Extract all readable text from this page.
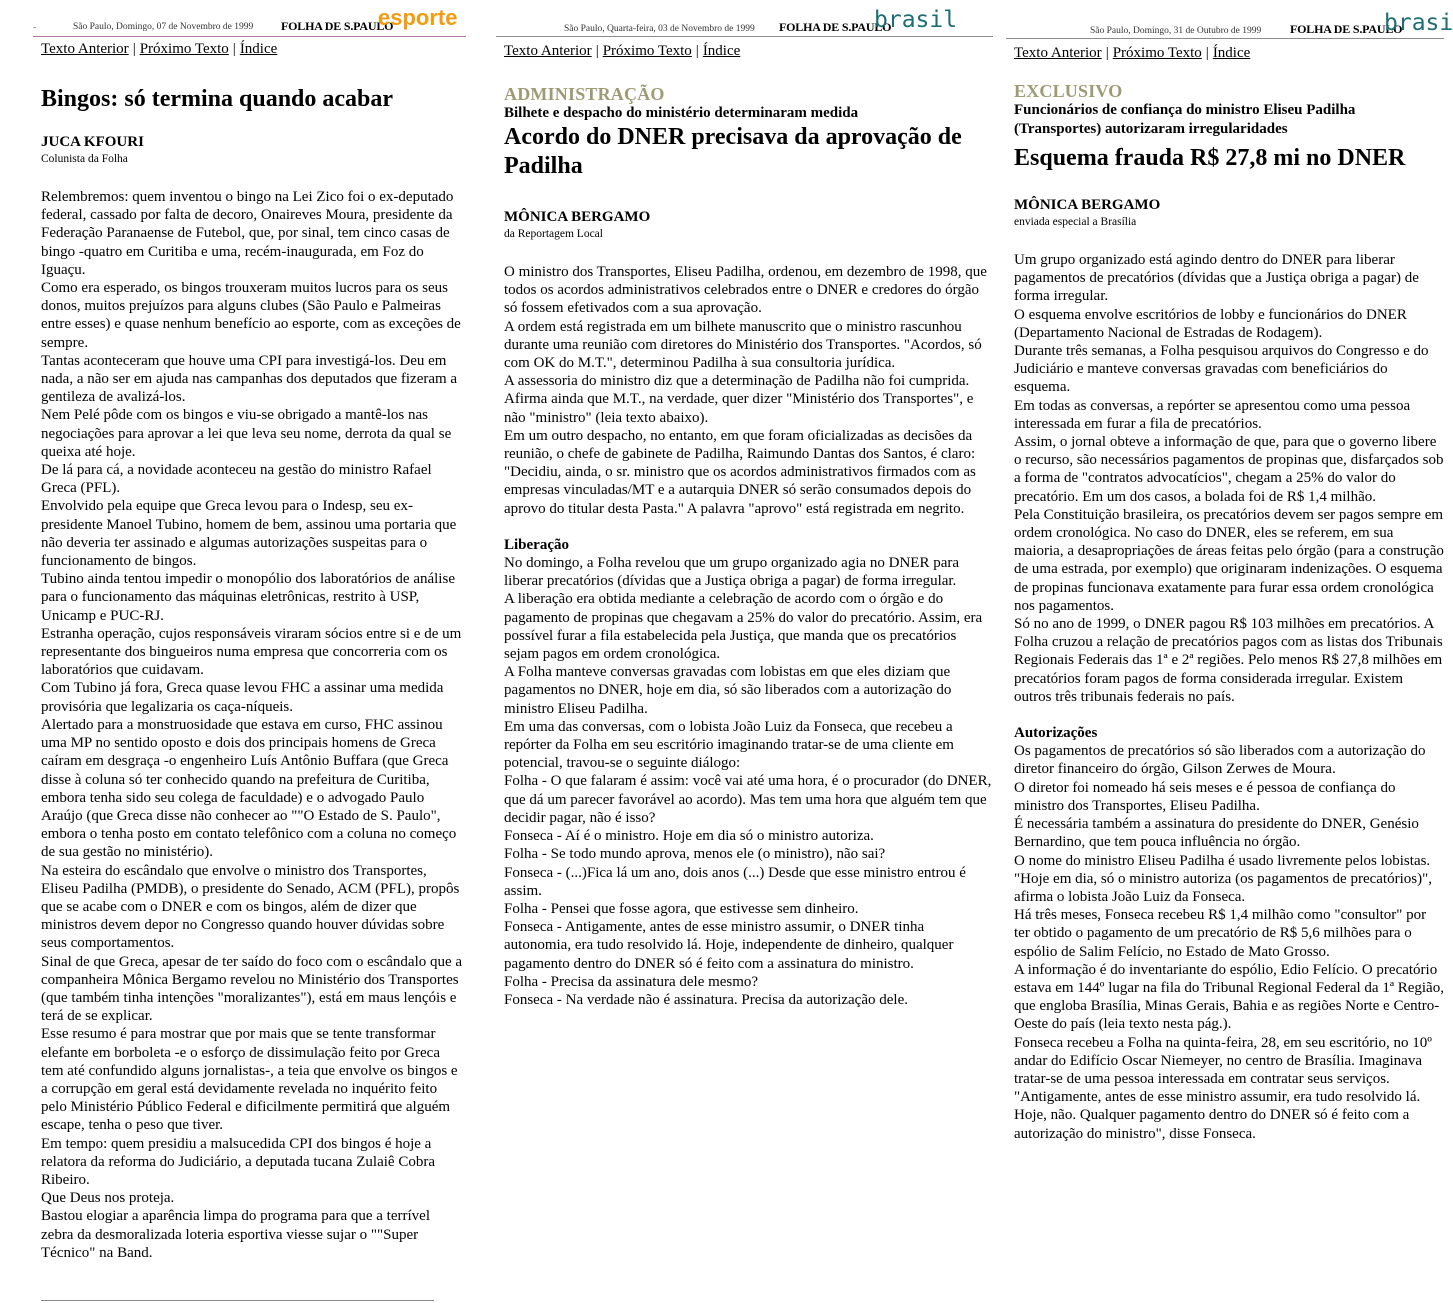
-	São Paulo, Domingo, 07 de Novembro de 1999 FOLHA DE S.PAULO
esporte
Texto Anterior | Próximo Texto | Índice
Bingos: só termina quando acabar
JUCA KFOURI
Colunista da Folha

Relembremos: quem inventou o bingo na Lei Zico foi o ex-deputado federal, cassado por falta de decoro, Onaireves Moura, presidente da Federação Paranaense de Futebol, que, por sinal, tem cinco casas de bingo -quatro em Curitiba e uma, recém-inaugurada, em Foz do Iguaçu.

Como era esperado, os bingos trouxeram muitos lucros para os seus donos, muitos prejuízos para alguns clubes (São Paulo e Palmeiras entre esses) e quase nenhum benefício ao esporte, com as exceções de sempre.

Tantas aconteceram que houve uma CPI para investigá-los. Deu em nada, a não ser em ajuda nas campanhas dos deputados que fizeram a gentileza de avalizá-los.

Nem Pelé pôde com os bingos e viu-se obrigado a mantê-los nas negociações para aprovar a lei que leva seu nome, derrota da qual se queixa até hoje.

De lá para cá, a novidade aconteceu na gestão do ministro Rafael Greca (PFL).

Envolvido pela equipe que Greca levou para o Indesp, seu ex-presidente Manoel Tubino, homem de bem, assinou uma portaria que não deveria ter assinado e algumas autorizações suspeitas para o funcionamento de bingos.

Tubino ainda tentou impedir o monopólio dos laboratórios de análise para o funcionamento das máquinas eletrônicas, restrito à USP, Unicamp e PUC-RJ.

Estranha operação, cujos responsáveis viraram sócios entre si e de um representante dos bingueiros numa empresa que concorreria com os laboratórios que cuidavam.

Com Tubino já fora, Greca quase levou FHC a assinar uma medida provisória que legalizaria os caça-níqueis.

Alertado para a monstruosidade que estava em curso, FHC assinou uma MP no sentido oposto e dois dos principais homens de Greca caíram em desgraça -o engenheiro Luís Antônio Buffara (que Greca disse à coluna só ter conhecido quando na prefeitura de Curitiba, embora tenha sido seu colega de faculdade) e o advogado Paulo Araújo (que Greca disse não conhecer ao ""O Estado de S. Paulo", embora o tenha posto em contato telefônico com a coluna no começo de sua gestão no ministério).

Na esteira do escândalo que envolve o ministro dos Transportes, Eliseu Padilha (PMDB), o presidente do Senado, ACM (PFL), propôs que se acabe com o DNER e com os bingos, além de dizer que ministros devem depor no Congresso quando houver dúvidas sobre seus comportamentos.

Sinal de que Greca, apesar de ter saído do foco com o escândalo que a companheira Mônica Bergamo revelou no Ministério dos Transportes (que também tinha intenções "moralizantes"), está em maus lençóis e terá de se explicar.

Esse resumo é para mostrar que por mais que se tente transformar elefante em borboleta -e o esforço de dissimulação feito por Greca tem até confundido alguns jornalistas-, a teia que envolve os bingos e a corrupção em geral está devidamente revelada no inquérito feito pelo Ministério Público Federal e dificilmente permitirá que alguém escape, tenha o peso que tiver.

Em tempo: quem presidiu a malsucedida CPI dos bingos é hoje a relatora da reforma do Judiciário, a deputada tucana Zulaiê Cobra Ribeiro.

Que Deus nos proteja.

Bastou elogiar a aparência limpa do programa para que a terrível zebra da desmoralizada loteria esportiva viesse sujar o ""Super Técnico" na Band.

São Paulo, Quarta-feira, 03 de Novembro de 1999 FOLHA DE S.PAULO
brasil
Texto Anterior | Próximo Texto | Índice
ADMINISTRAÇÃO
Bilhete e despacho do ministério determinaram medida
Acordo do DNER precisava da aprovação de Padilha
MÔNICA BERGAMO
da Reportagem Local

O ministro dos Transportes, Eliseu Padilha, ordenou, em dezembro de 1998, que todos os acordos administrativos celebrados entre o DNER e credores do órgão só fossem efetivados com a sua aprovação.

A ordem está registrada em um bilhete manuscrito que o ministro rascunhou durante uma reunião com diretores do Ministério dos Transportes. "Acordos, só com OK do M.T.", determinou Padilha à sua consultoria jurídica.

A assessoria do ministro diz que a determinação de Padilha não foi cumprida. Afirma ainda que M.T., na verdade, quer dizer "Ministério dos Transportes", e não "ministro" (leia texto abaixo).

Em um outro despacho, no entanto, em que foram oficializadas as decisões da reunião, o chefe de gabinete de Padilha, Raimundo Dantas dos Santos, é claro:

"Decidiu, ainda, o sr. ministro que os acordos administrativos firmados com as empresas vinculadas/MT e a autarquia DNER só serão consumados depois do aprovo do titular desta Pasta." A palavra "aprovo" está registrada em negrito.

Liberação

No domingo, a Folha revelou que um grupo organizado agia no DNER para liberar precatórios (dívidas que a Justiça obriga a pagar) de forma irregular.

A liberação era obtida mediante a celebração de acordo com o órgão e do pagamento de propinas que chegavam a 25% do valor do precatório. Assim, era possível furar a fila estabelecida pela Justiça, que manda que os precatórios sejam pagos em ordem cronológica.

A Folha manteve conversas gravadas com lobistas em que eles diziam que pagamentos no DNER, hoje em dia, só são liberados com a autorização do ministro Eliseu Padilha.

Em uma das conversas, com o lobista João Luiz da Fonseca, que recebeu a repórter da Folha em seu escritório imaginando tratar-se de uma cliente em potencial, travou-se o seguinte diálogo:

Folha - O que falaram é assim: você vai até uma hora, é o procurador (do DNER, que dá um parecer favorável ao acordo). Mas tem uma hora que alguém tem que decidir pagar, não é isso?

Fonseca - Aí é o ministro. Hoje em dia só o ministro autoriza.

Folha - Se todo mundo aprova, menos ele (o ministro), não sai?

Fonseca - (...)Fica lá um ano, dois anos (...) Desde que esse ministro entrou é assim.

Folha - Pensei que fosse agora, que estivesse sem dinheiro.

Fonseca - Antigamente, antes de esse ministro assumir, o DNER tinha autonomia, era tudo resolvido lá. Hoje, independente de dinheiro, qualquer pagamento dentro do DNER só é feito com a assinatura do ministro.

Folha - Precisa da assinatura dele mesmo?

Fonseca - Na verdade não é assinatura. Precisa da autorização dele.

São Paulo, Domingo, 31 de Outubro de 1999 FOLHA DE S.PAULO
brasi
Texto Anterior | Próximo Texto | Índice
EXCLUSIVO
Funcionários de confiança do ministro Eliseu Padilha (Transportes) autorizaram irregularidades
Esquema frauda R$ 27,8 mi no DNER
MÔNICA BERGAMO
enviada especial a Brasília

Um grupo organizado está agindo dentro do DNER para liberar pagamentos de precatórios (dívidas que a Justiça obriga a pagar) de forma irregular.

O esquema envolve escritórios de lobby e funcionários do DNER (Departamento Nacional de Estradas de Rodagem).

Durante três semanas, a Folha pesquisou arquivos do Congresso e do Judiciário e manteve conversas gravadas com beneficiários do esquema.

Em todas as conversas, a repórter se apresentou como uma pessoa interessada em furar a fila de precatórios.

Assim, o jornal obteve a informação de que, para que o governo libere o recurso, são necessários pagamentos de propinas que, disfarçados sob a forma de "contratos advocatícios", chegam a 25% do valor do precatório. Em um dos casos, a bolada foi de R$ 1,4 milhão.

Pela Constituição brasileira, os precatórios devem ser pagos sempre em ordem cronológica. No caso do DNER, eles se referem, em sua maioria, a desapropriações de áreas feitas pelo órgão (para a construção de uma estrada, por exemplo) que originaram indenizações. O esquema de propinas funcionava exatamente para furar essa ordem cronológica nos pagamentos.

Só no ano de 1999, o DNER pagou R$ 103 milhões em precatórios. A Folha cruzou a relação de precatórios pagos com as listas dos Tribunais Regionais Federais das 1ª e 2ª regiões. Pelo menos R$ 27,8 milhões em precatórios foram pagos de forma considerada irregular. Existem outros três tribunais federais no país.

Autorizações

Os pagamentos de precatórios só são liberados com a autorização do diretor financeiro do órgão, Gilson Zerwes de Moura.

O diretor foi nomeado há seis meses e é pessoa de confiança do ministro dos Transportes, Eliseu Padilha.

É necessária também a assinatura do presidente do DNER, Genésio Bernardino, que tem pouca influência no órgão.

O nome do ministro Eliseu Padilha é usado livremente pelos lobistas. "Hoje em dia, só o ministro autoriza (os pagamentos de precatórios)", afirma o lobista João Luiz da Fonseca.

Há três meses, Fonseca recebeu R$ 1,4 milhão como "consultor" por ter obtido o pagamento de um precatório de R$ 5,6 milhões para o espólio de Salim Felício, no Estado de Mato Grosso.

A informação é do inventariante do espólio, Edio Felício. O precatório estava em 144º lugar na fila do Tribunal Regional Federal da 1ª Região, que engloba Brasília, Minas Gerais, Bahia e as regiões Norte e Centro-Oeste do país (leia texto nesta pág.).

Fonseca recebeu a Folha na quinta-feira, 28, em seu escritório, no 10º andar do Edifício Oscar Niemeyer, no centro de Brasília. Imaginava tratar-se de uma pessoa interessada em contratar seus serviços.

"Antigamente, antes de esse ministro assumir, era tudo resolvido lá. Hoje, não. Qualquer pagamento dentro do DNER só é feito com a autorização do ministro", disse Fonseca.
